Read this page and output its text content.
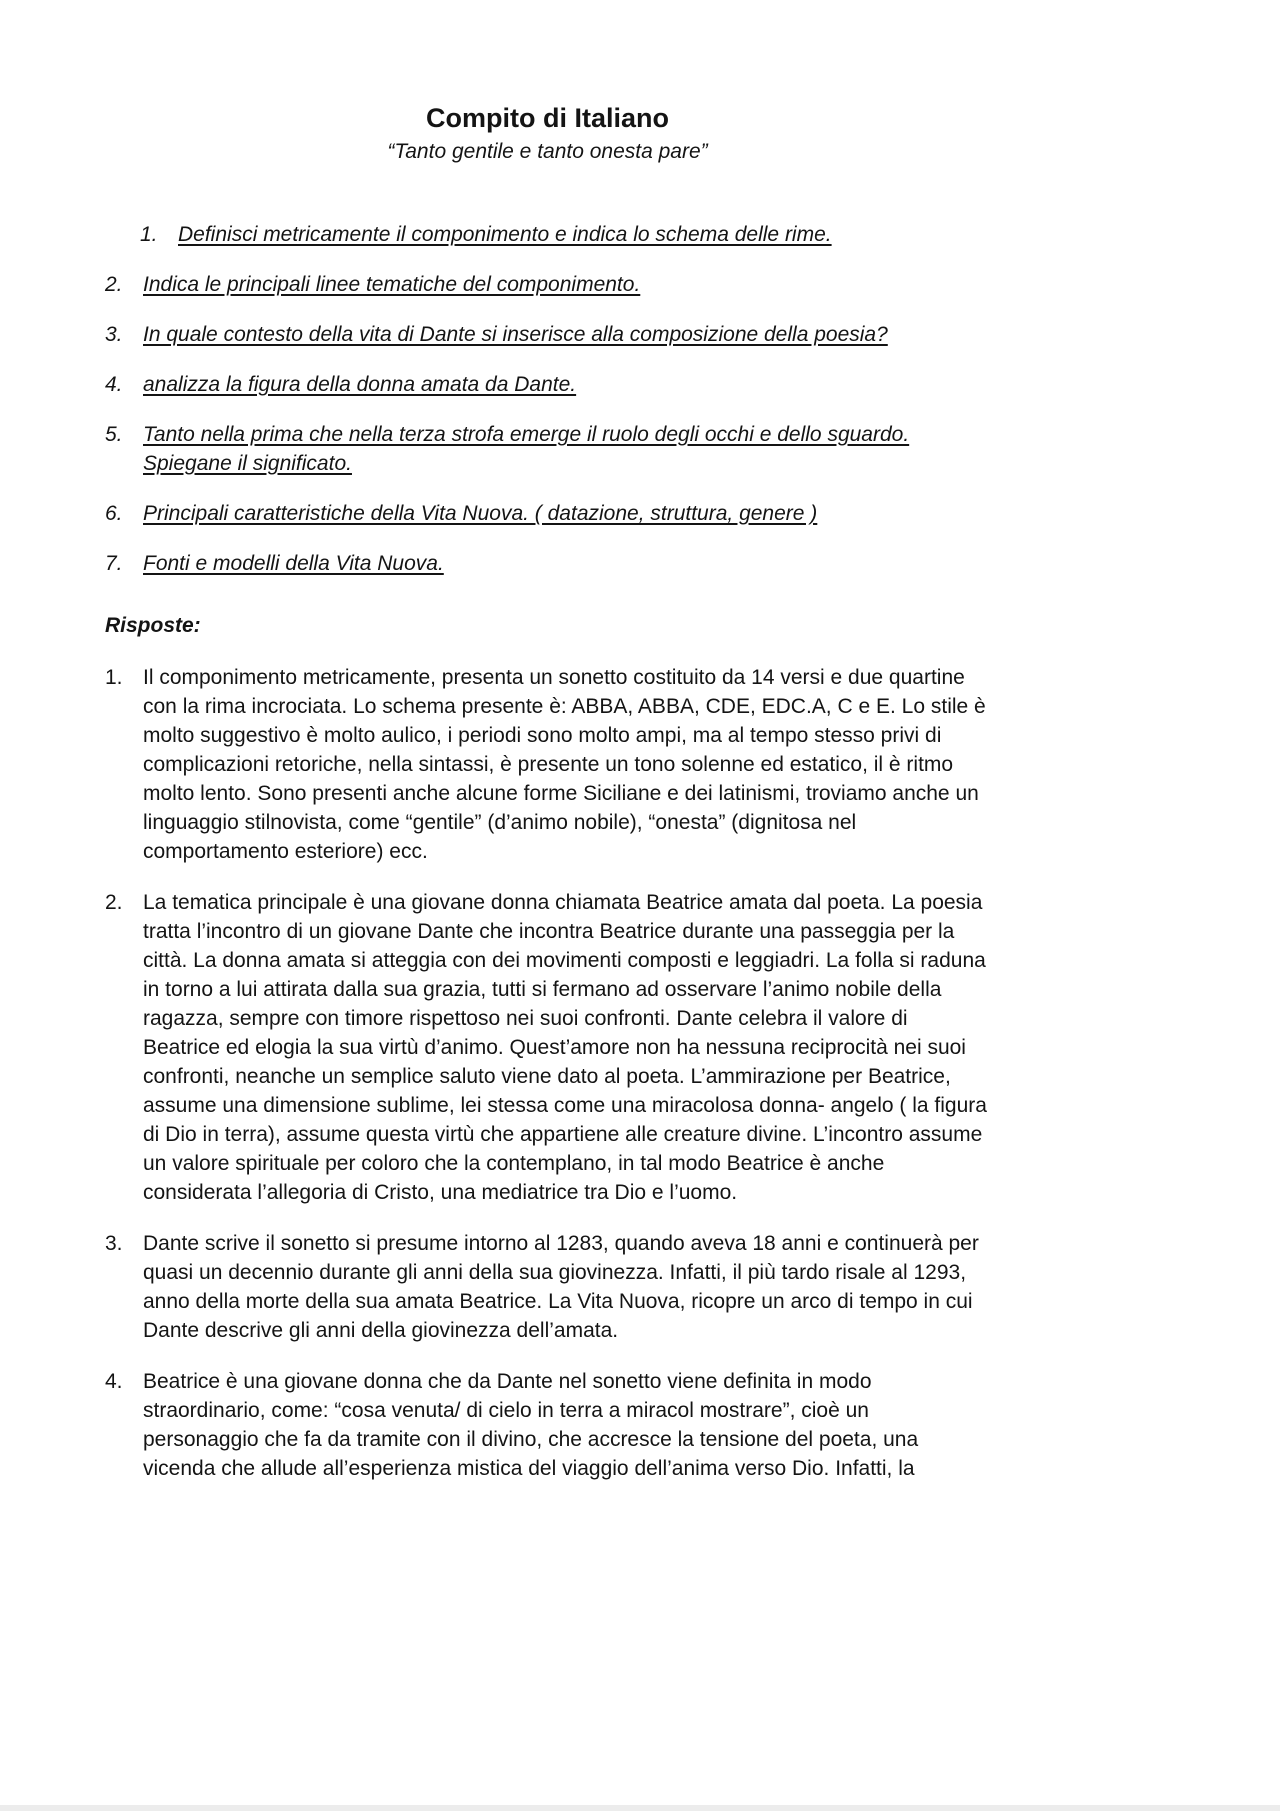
Compito di Italiano
“Tanto gentile e tanto onesta pare”
1. Definisci metricamente il componimento e indica lo schema delle rime.
2. Indica le principali linee tematiche del componimento.
3. In quale contesto della vita di Dante si inserisce alla composizione della poesia?
4. analizza la figura della donna amata da Dante.
5. Tanto nella prima che nella terza strofa emerge il ruolo degli occhi e dello sguardo. Spiegane il significato.
6. Principali caratteristiche della Vita Nuova. ( datazione, struttura, genere )
7. Fonti e modelli della Vita Nuova.
Risposte:
1. Il componimento metricamente, presenta un sonetto costituito da 14 versi e due quartine con la rima incrociata. Lo schema presente è: ABBA, ABBA, CDE, EDC.A, C e E. Lo stile è molto suggestivo è molto aulico, i periodi sono molto ampi, ma al tempo stesso privi di complicazioni retoriche, nella sintassi, è presente un tono solenne ed estatico, il è ritmo molto lento. Sono presenti anche alcune forme Siciliane e dei latinismi, troviamo anche un linguaggio stilnovista, come “gentile” (d’animo nobile), “onesta” (dignitosa nel comportamento esteriore) ecc.
2. La tematica principale è una giovane donna chiamata Beatrice amata dal poeta. La poesia tratta l’incontro di un giovane Dante che incontra Beatrice durante una passeggia per la città. La donna amata si atteggia con dei movimenti composti e leggiadri. La folla si raduna in torno a lui attirata dalla sua grazia, tutti si fermano ad osservare l’animo nobile della ragazza, sempre con timore rispettoso nei suoi confronti. Dante celebra il valore di Beatrice ed elogia la sua virtù d’animo. Quest’amore non ha nessuna reciprocità nei suoi confronti, neanche un semplice saluto viene dato al poeta. L’ammirazione per Beatrice, assume una dimensione sublime, lei stessa come una miracolosa donna- angelo ( la figura di Dio in terra), assume questa virtù che appartiene alle creature divine. L’incontro assume un valore spirituale per coloro che la contemplano, in tal modo Beatrice è anche considerata l’allegoria di Cristo, una mediatrice tra Dio e l’uomo.
3. Dante scrive il sonetto si presume intorno al 1283, quando aveva 18 anni e continuerà per quasi un decennio durante gli anni della sua giovinezza. Infatti, il più tardo risale al 1293, anno della morte della sua amata Beatrice. La Vita Nuova, ricopre un arco di tempo in cui Dante descrive gli anni della giovinezza dell’amata.
4. Beatrice è una giovane donna che da Dante nel sonetto viene definita in modo straordinario, come: “cosa venuta/ di cielo in terra a miracol mostrare”, cioè un personaggio che fa da tramite con il divino, che accresce la tensione del poeta, una vicenda che allude all’esperienza mistica del viaggio dell’anima verso Dio. Infatti, la
